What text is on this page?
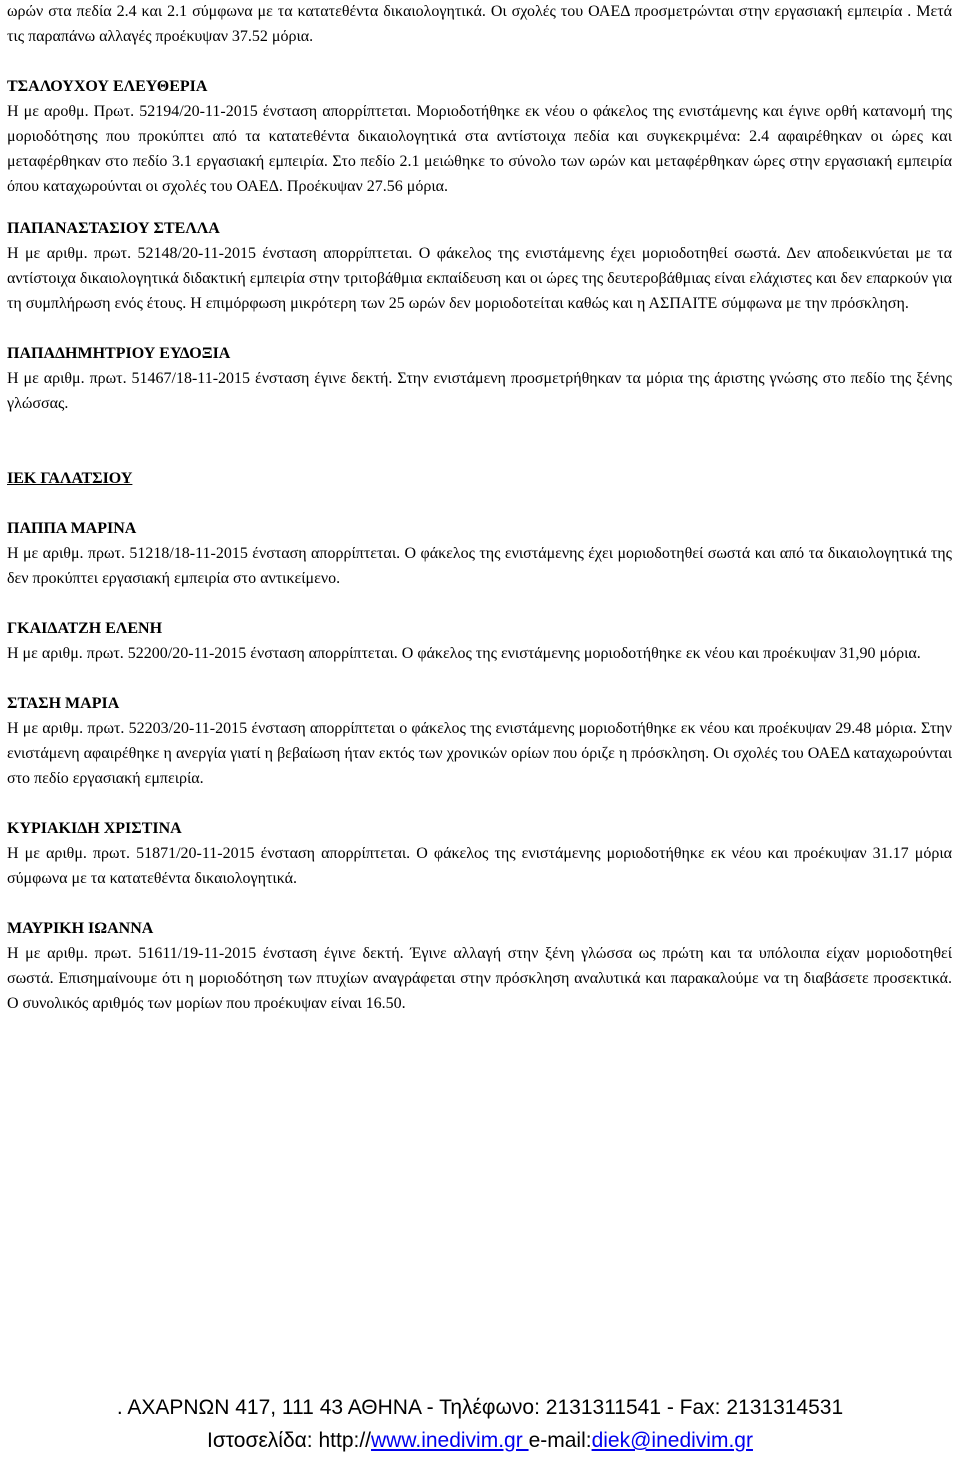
ωρών στα πεδία 2.4 και 2.1 σύμφωνα με τα κατατεθέντα δικαιολογητικά. Οι σχολές του ΟΑΕΔ προσμετρώνται στην εργασιακή εμπειρία . Μετά τις παραπάνω αλλαγές προέκυψαν 37.52 μόρια.

ΤΣΑΛΟΥΧΟΥ ΕΛΕΥΘΕΡΙΑ

Η με αροθμ. Πρωτ. 52194/20-11-2015 ένσταση απορρίπτεται. Μοριοδοτήθηκε εκ νέου ο φάκελος της ενιστάμενης και έγινε ορθή κατανομή της μοριοδότησης που προκύπτει από τα κατατεθέντα δικαιολογητικά στα αντίστοιχα πεδία και συγκεκριμένα: 2.4 αφαιρέθηκαν οι ώρες και μεταφέρθηκαν στο πεδίο 3.1 εργασιακή εμπειρία. Στο πεδίο 2.1 μειώθηκε το σύνολο των ωρών και μεταφέρθηκαν ώρες στην εργασιακή εμπειρία όπου καταχωρούνται οι σχολές του ΟΑΕΔ. Προέκυψαν 27.56 μόρια.

ΠΑΠΑΝΑΣΤΑΣΙΟΥ ΣΤΕΛΛΑ

Η με αριθμ. πρωτ. 52148/20-11-2015 ένσταση απορρίπτεται. Ο φάκελος της ενιστάμενης έχει μοριοδοτηθεί σωστά. Δεν αποδεικνύεται με τα αντίστοιχα δικαιολογητικά διδακτική εμπειρία στην τριτοβάθμια εκπαίδευση και οι ώρες της δευτεροβάθμιας είναι ελάχιστες και δεν επαρκούν για τη συμπλήρωση ενός έτους. Η επιμόρφωση μικρότερη των 25 ωρών δεν μοριοδοτείται καθώς και η ΑΣΠΑΙΤΕ σύμφωνα με την πρόσκληση.

ΠΑΠΑΔΗΜΗΤΡΙΟΥ ΕΥΔΟΞΙΑ

Η με αριθμ. πρωτ. 51467/18-11-2015 ένσταση έγινε δεκτή. Στην ενιστάμενη προσμετρήθηκαν τα μόρια της άριστης γνώσης στο πεδίο της ξένης γλώσσας.

ΙΕΚ ΓΑΛΑΤΣΙΟΥ

ΠΑΠΠΑ ΜΑΡΙΝΑ

Η με αριθμ. πρωτ. 51218/18-11-2015 ένσταση απορρίπτεται. Ο φάκελος της ενιστάμενης έχει μοριοδοτηθεί σωστά και από τα δικαιολογητικά της δεν προκύπτει εργασιακή εμπειρία στο αντικείμενο.

ΓΚΑΙΔΑΤΖΗ ΕΛΕΝΗ

Η με αριθμ. πρωτ. 52200/20-11-2015 ένσταση απορρίπτεται. Ο φάκελος της ενιστάμενης μοριοδοτήθηκε εκ νέου και προέκυψαν 31,90 μόρια.

ΣΤΑΣΗ ΜΑΡΙΑ

Η με αριθμ. πρωτ. 52203/20-11-2015 ένσταση απορρίπτεται ο φάκελος της ενιστάμενης μοριοδοτήθηκε εκ νέου και προέκυψαν 29.48 μόρια. Στην ενιστάμενη αφαιρέθηκε η ανεργία γιατί η βεβαίωση ήταν εκτός των χρονικών ορίων που όριζε η πρόσκληση. Οι σχολές του ΟΑΕΔ καταχωρούνται στο πεδίο εργασιακή εμπειρία.

ΚΥΡΙΑΚΙΔΗ ΧΡΙΣΤΙΝΑ

Η με αριθμ. πρωτ. 51871/20-11-2015 ένσταση απορρίπτεται. Ο φάκελος της ενιστάμενης μοριοδοτήθηκε εκ νέου και προέκυψαν 31.17 μόρια σύμφωνα με τα κατατεθέντα δικαιολογητικά.

ΜΑΥΡΙΚΗ ΙΩΑΝΝΑ

Η με αριθμ. πρωτ. 51611/19-11-2015 ένσταση έγινε δεκτή. Έγινε αλλαγή στην ξένη γλώσσα ως πρώτη και τα υπόλοιπα είχαν μοριοδοτηθεί σωστά. Επισημαίνουμε ότι η μοριοδότηση των πτυχίων αναγράφεται στην πρόσκληση αναλυτικά και παρακαλούμε να τη διαβάσετε προσεκτικά. Ο συνολικός αριθμός των μορίων που προέκυψαν είναι 16.50.

. ΑΧΑΡΝΩΝ 417, 111 43 ΑΘΗΝΑ - Τηλέφωνο: 2131311541 - Fax: 2131314531
Ιστοσελίδα: http://www.inedivim.gr e-mail:diek@inedivim.gr
